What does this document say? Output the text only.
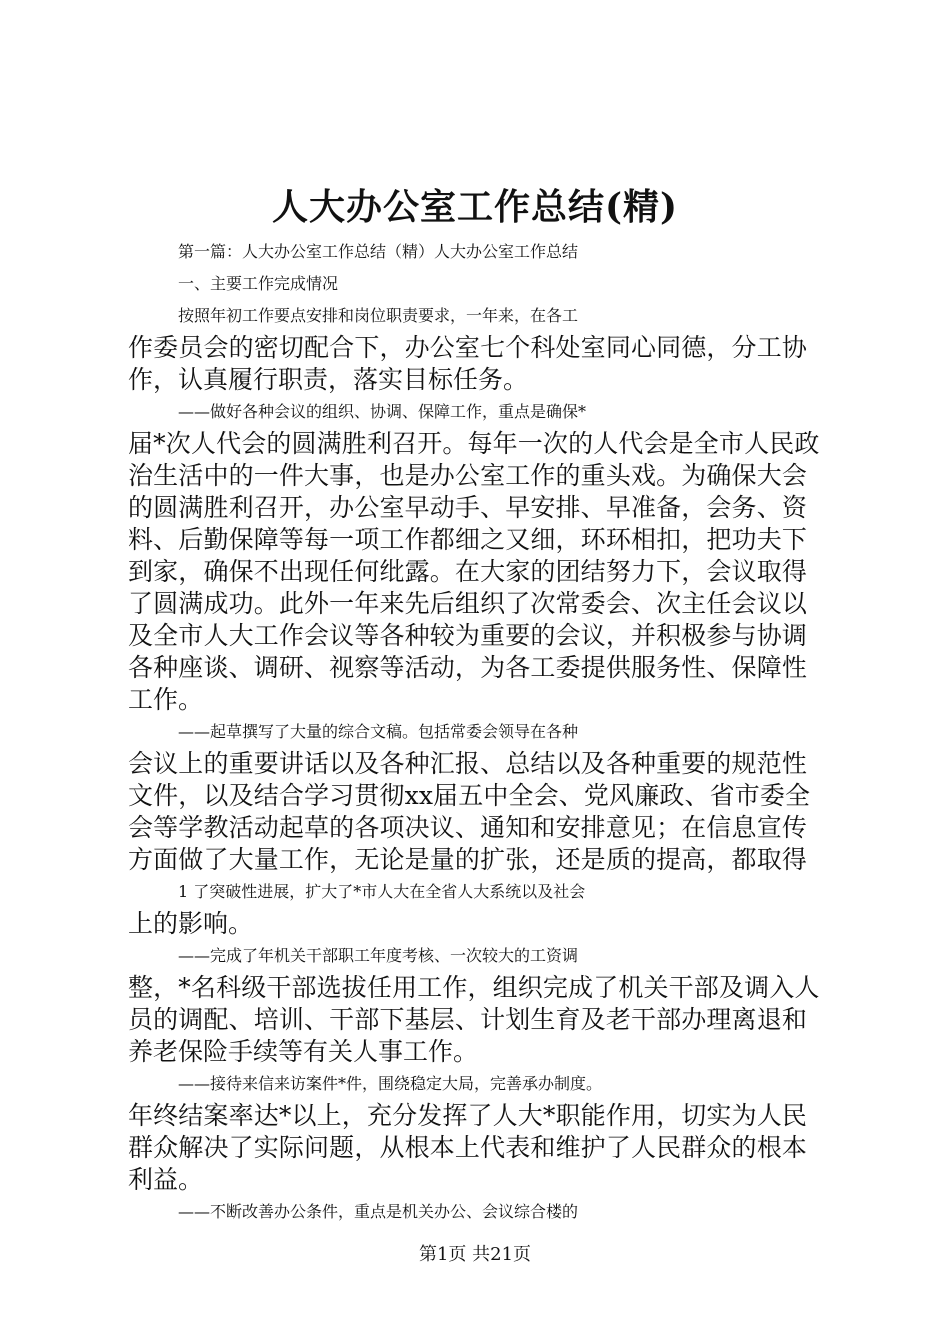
人大办公室工作总结(精)
第一篇：人大办公室工作总结（精）人大办公室工作总结
一、主要工作完成情况
按照年初工作要点安排和岗位职责要求，一年来，在各工
作委员会的密切配合下，办公室七个科处室同心同德，分工协
作，认真履行职责，落实目标任务。
——做好各种会议的组织、协调、保障工作，重点是确保*
届*次人代会的圆满胜利召开。每年一次的人代会是全市人民政
治生活中的一件大事，也是办公室工作的重头戏。为确保大会
的圆满胜利召开，办公室早动手、早安排、早准备，会务、资
料、后勤保障等每一项工作都细之又细，环环相扣，把功夫下
到家，确保不出现任何纰露。在大家的团结努力下，会议取得
了圆满成功。此外一年来先后组织了次常委会、次主任会议以
及全市人大工作会议等各种较为重要的会议，并积极参与协调
各种座谈、调研、视察等活动，为各工委提供服务性、保障性
工作。
——起草撰写了大量的综合文稿。包括常委会领导在各种
会议上的重要讲话以及各种汇报、总结以及各种重要的规范性
文件，以及结合学习贯彻xx届五中全会、党风廉政、省市委全
会等学教活动起草的各项决议、通知和安排意见；在信息宣传
方面做了大量工作，无论是量的扩张，还是质的提高，都取得
1 了突破性进展，扩大了*市人大在全省人大系统以及社会
上的影响。
——完成了年机关干部职工年度考核、一次较大的工资调
整，*名科级干部选拔任用工作，组织完成了机关干部及调入人
员的调配、培训、干部下基层、计划生育及老干部办理离退和
养老保险手续等有关人事工作。
——接待来信来访案件*件，围绕稳定大局，完善承办制度。
年终结案率达*以上，充分发挥了人大*职能作用，切实为人民
群众解决了实际问题，从根本上代表和维护了人民群众的根本
利益。
——不断改善办公条件，重点是机关办公、会议综合楼的
第1页 共21页
